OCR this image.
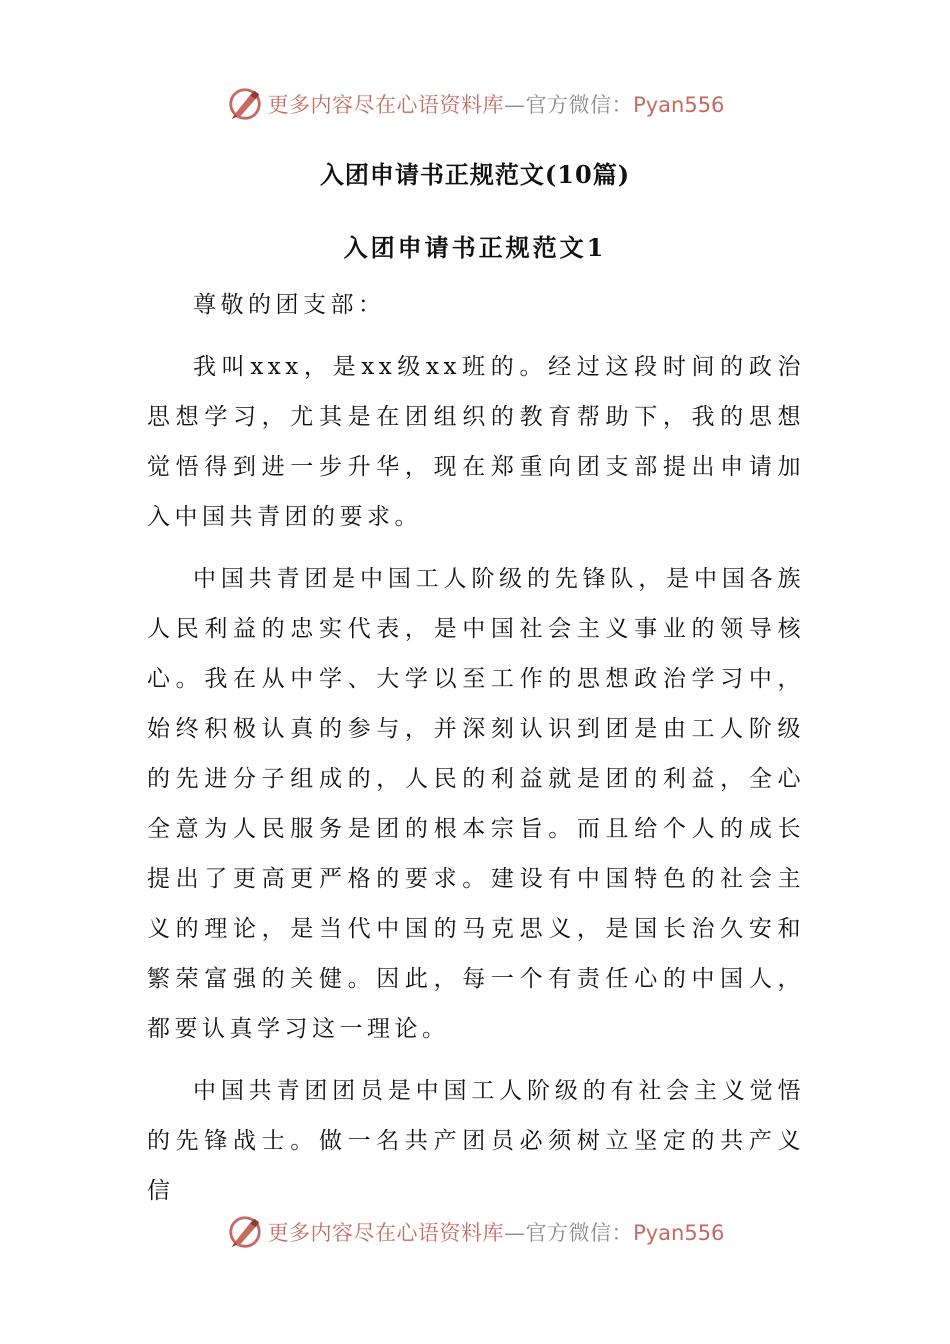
更多内容尽在心语资料库—官方微信：Pyan556
入团申请书正规范文(10篇)
入团申请书正规范文1

尊敬的团支部：

我叫xxx，是xx级xx班的。经过这段时间的政治思想学习，尤其是在团组织的教育帮助下，我的思想觉悟得到进一步升华，现在郑重向团支部提出申请加入中国共青团的要求。

中国共青团是中国工人阶级的先锋队，是中国各族人民利益的忠实代表，是中国社会主义事业的领导核心。我在从中学、大学以至工作的思想政治学习中，始终积极认真的参与，并深刻认识到团是由工人阶级的先进分子组成的，人民的利益就是团的利益，全心全意为人民服务是团的根本宗旨。而且给个人的成长提出了更高更严格的要求。建设有中国特色的社会主义的理论，是当代中国的马克思义，是国长治久安和繁荣富强的关健。因此，每一个有责任心的中国人，都要认真学习这一理论。

中国共青团团员是中国工人阶级的有社会主义觉悟的先锋战士。做一名共产团员必须树立坚定的共产义信

更多内容尽在心语资料库—官方微信：Pyan556
